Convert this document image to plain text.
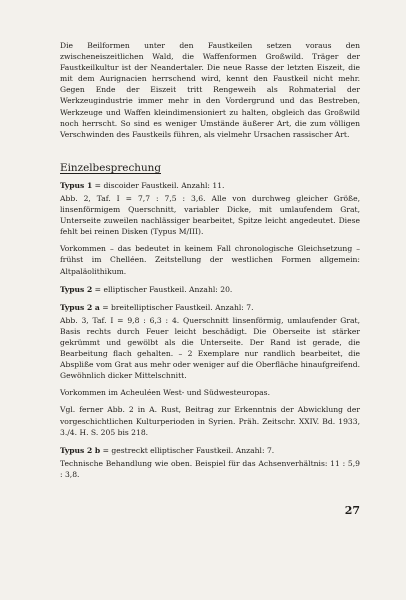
Die Beilformen unter den Faustkeilen setzen voraus den zwischeneiszeitlichen Wald, die Waffenformen Großwild. Träger der Faustkeilkultur ist der Neandertaler. Die neue Rasse der letzten Eiszeit, die mit dem Aurignacien herrschend wird, kennt den Faustkeil nicht mehr. Gegen Ende der Eiszeit tritt Rengeweih als Rohmaterial der Werkzeugindustrie immer mehr in den Vordergrund und das Bestreben, Werkzeuge und Waffen kleindimensioniert zu halten, obgleich das Großwild noch herrscht. So sind es weniger Umstände äußerer Art, die zum völligen Verschwinden des Faustkeils führen, als vielmehr Ursachen rassischer Art.

Einzelbesprechung
Typus 1 = discoider Faustkeil. Anzahl: 11.

Abb. 2, Taf. I = 7,7 : 7,5 : 3,6. Alle von durchweg gleicher Größe, linsenförmigem Querschnitt, variabler Dicke, mit umlaufendem Grat, Unterseite zuweilen nachlässiger bearbeitet, Spitze leicht angedeutet. Diese fehlt bei reinen Disken (Typus M/III).

Vorkommen – das bedeutet in keinem Fall chronologische Gleichsetzung – frühst im Chelléen. Zeitstellung der westlichen Formen allgemein: Altpaläolithikum.

Typus 2 = elliptischer Faustkeil. Anzahl: 20.
Typus 2 a = breitelliptischer Faustkeil. Anzahl: 7.

Abb. 3, Taf. I = 9,8 : 6,3 : 4. Querschnitt linsenförmig, umlaufender Grat, Basis rechts durch Feuer leicht beschädigt. Die Oberseite ist stärker gekrümmt und gewölbt als die Unterseite. Der Rand ist gerade, die Bearbeitung flach gehalten. – 2 Exemplare nur randlich bearbeitet, die Abspliße vom Grat aus mehr oder weniger auf die Oberfläche hinaufgreifend. Gewöhnlich dicker Mittelschnitt.

Vorkommen im Acheuléen West- und Südwesteuropas.

Vgl. ferner Abb. 2 in A. Rust, Beitrag zur Erkenntnis der Abwicklung der vorgeschichtlichen Kulturperioden in Syrien. Präh. Zeitschr. XXIV. Bd. 1933, 3./4. H. S. 205 bis 218.

Typus 2 b = gestreckt elliptischer Faustkeil. Anzahl: 7.

Technische Behandlung wie oben. Beispiel für das Achsenverhältnis: 11 : 5,9 : 3,8.

27
